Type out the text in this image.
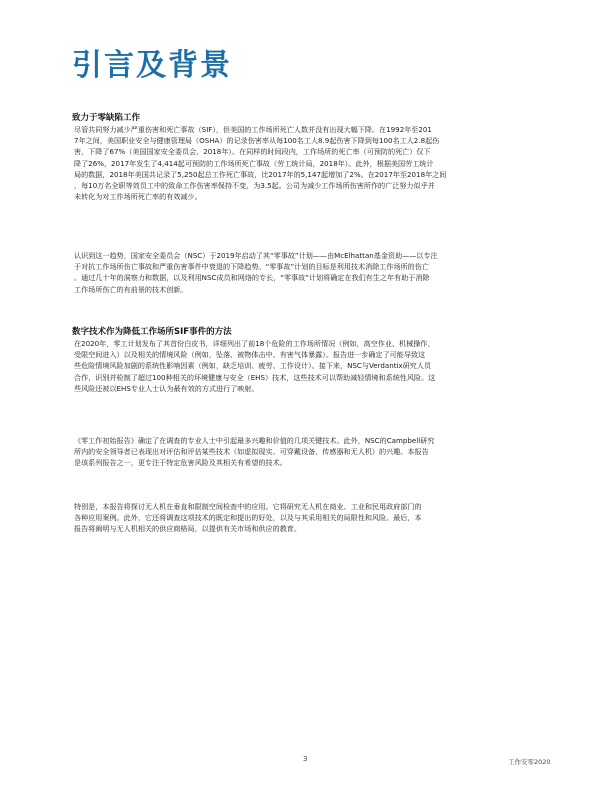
引言及背景
致力于零缺陷工作
尽管共同努力减少严重伤害和死亡事故（SIF），但美国的工作场所死亡人数并没有出现大幅下降。在1992年至201
7年之间，美国职业安全与健康管理局（OSHA）的记录伤害率从每100名工人8.9起伤害下降到每100名工人2.8起伤
害，下降了67%（美国国家安全委员会，2018年）。在同样的时间段内，工作场所的死亡率（可预防的死亡）仅下
降了26%，2017年发生了4,414起可预防的工作场所死亡事故（劳工统计局，2018年）。此外，根据美国劳工统计
局的数据，2018年美国共记录了5,250起总工作死亡事故，比2017年的5,147起增加了2%。在2017年至2018年之间
，每10万名全职等效员工中的致命工作伤害率保持不变，为3.5起。公司为减少工作场所伤害所作的广泛努力似乎并
未转化为对工作场所死亡率的有效减少。
认识到这一趋势，国家安全委员会（NSC）于2019年启动了其“零事故”计划——由McElhattan基金资助——以专注
于对抗工作场所伤亡事故和严重伤害事件中衰退的下降趋势。“零事故”计划的目标是利用技术消除工作场所的伤亡
。通过几十年的洞察力和数据，以及利用NSC成员和网络的专长，“零事故”计划将确定在我们有生之年有助于消除
工作场所伤亡的有前景的技术创新。
数字技术作为降低工作场所SIF事件的方法
在2020年，零工计划发布了其首份白皮书，详细列出了前18个危险的工作场所情况（例如，高空作业、机械操作、
受限空间进入）以及相关的情境风险（例如，坠落、被物体击中、有害气体暴露）。报告进一步确定了可能导致这
些危险情境风险加剧的系统性影响因素（例如，缺乏培训、疲劳、工作设计）。接下来，NSC与Verdantix研究人员
合作，识别并检制了超过100种相关的环境健康与安全（EHS）技术，这些技术可以帮助减轻情境和系统性风险。这
些风险还被以EHS专业人士认为最有效的方式进行了映射。
《零工作初始报告》确定了在调查的专业人士中引起最多兴趣和价值的几项关键技术。此外，NSC的Campbell研究
所内的安全领导者已表现出对评估和评估某些技术（如虚拟现实、可穿戴设备、传感器和无人机）的兴趣。本报告
是该系列报告之一，更专注于特定危害风险及其相关有希望的技术。
特别是，本报告将探讨无人机在垂直和限制空间检查中的应用。它将研究无人机在商业、工业和民用政府部门的
各种应用案例。此外，它还将调查这项技术的既定和提出的好处，以及与其采用相关的局限性和风险。最后，本
报告将阐明与无人机相关的供应商格局，以提供有关市场和供应的教育。
3	工作安零2020
